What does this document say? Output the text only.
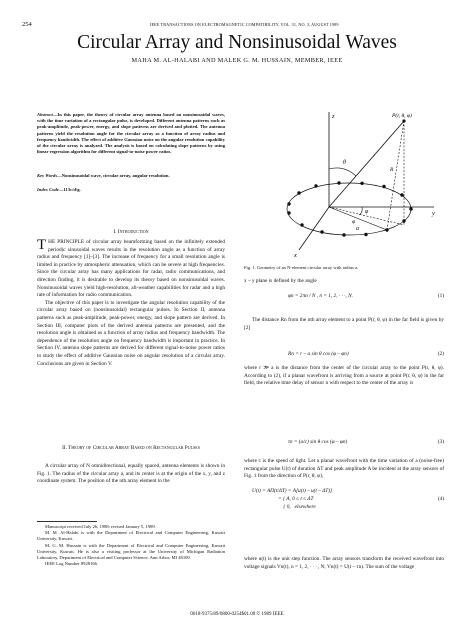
254	IEEE TRANSACTIONS ON ELECTROMAGNETIC COMPATIBILITY, VOL. 31, NO. 3, AUGUST 1989
Circular Array and Nonsinusoidal Waves
MAHA M. AL-HALABI AND MALEK G. M. HUSSAIN, MEMBER, IEEE
Abstract—In this paper, the theory of circular array antenna based on nonsinusoidal waves, with the time variation of a rectangular pulse, is developed. Different antenna patterns such as peak-amplitude, peak-power, energy, and slope patterns are derived and plotted. The antenna patterns yield the resolution angle for the circular array as a function of array radius and frequency bandwidth. The effect of additive Gaussian noise on the angular resolution capability of the circular array is analyzed. The analysis is based on calculating slope patterns by using linear regression algorithm for different signal-to-noise power ratios.
Key Words—Nonsinusoidal wave, circular array, angular resolution.
Index Code—113c/d/g.
I. Introduction
THE PRINCIPLE of circular array beamforming based on the infinitely extended periodic sinusoidal waves results in the resolution angle as a function of array radius and frequency [1]–[3]. The increase of frequency for a small resolution angle is limited in practice by atmospheric attenuation, which can be severe at high frequencies. Since the circular array has many applications for radar, radio communications, and direction finding, it is desirable to develop its theory based on nonsinusoidal waves. Nonsinusoidal waves yield high-resolution, all-weather capabilities for radar and a high rate of information for radio communication.
The objective of this paper is to investigate the angular resolution capability of the circular array based on (nonsinusoidal) rectangular pulses. In Section II, antenna patterns such as peak-amplitude, peak-power, energy, and slope pattern are derived. In Section III, computer plots of the derived antenna patterns are presented, and the resolution angle is obtained as a function of array radius and frequency bandwidth. The dependence of the resolution angle on frequency bandwidth is important in practice. In Section IV, antenna slope patterns are derived for different signal-to-noise power ratios to study the effect of additive Gaussian noise on angular resolution of a circular array. Conclusions are given in Section V.
II. Theory of Circular Array Based on Rectangular Pulses
A circular array of N omnidirectional, equally spaced, antenna elements is shown in Fig. 1. The radius of the circular array a, and its center is at the origin of the x, y, and z coordinate system. The position of the nth array element in the
Manuscript received July 26, 1988; revised January 5, 1989.
M. M. Al-Halabi is with the Department of Electrical and Computer Engineering, Kuwait University, Kuwait.
M. G. M. Hussain is with the Department of Electrical and Computer Engineering, Kuwait University, Kuwait. He is also a visiting professor at the University of Michigan Radiation Laboratory, Department of Electrical and Computer Science, Ann Arbor, MI 48109.
IEEE Log Number 8928166.
z	P(r, θ, φ)
θ
R
φ
φ
a
x
y
Fig. 1. Geometry of an N-element circular array with radius a.
x – y plane is defined by the angle
φn = 2πn / N , n = 1, 2, · · ·, N.	(1)
The distance Rn from the nth array element to a point P(r, θ, φ) in the far field is given by [2]
Rn = r – a sin θ cos (φ – φn)	(2)
where r ≫ a is the distance from the center of the circular array to the point P(r, θ, φ). According to (2), if a planar wavefront is arriving from a source at point P(r, θ, φ) in the far field, the relative time delay of sensor n with respect to the center of the array is
τn = (a/c) sin θ cos (φ – φn)	(3)
where c is the speed of light. Let a planar wavefront with the time variation of a (noise-free) rectangular pulse U(t) of duration ΔT and peak amplitude A be incident at the array sensors of Fig. 1 from the direction of P(r, θ, φ),
U(t) = AΠ(t/ΔT) = A[u(t) – u(t – ΔT)]
= { A, 0 ≤ t ≤ ΔT
{ 0,   elsewhere
(4)
where u(t) is the unit step function. The array sensors transform the received wavefront into voltage signals Vn(t), n = 1, 2, · · ·, N; Vn(t) = U(t – τn). The sum of the voltage
0018-9375/89/0800-0254$01.00 © 1989 IEEE
